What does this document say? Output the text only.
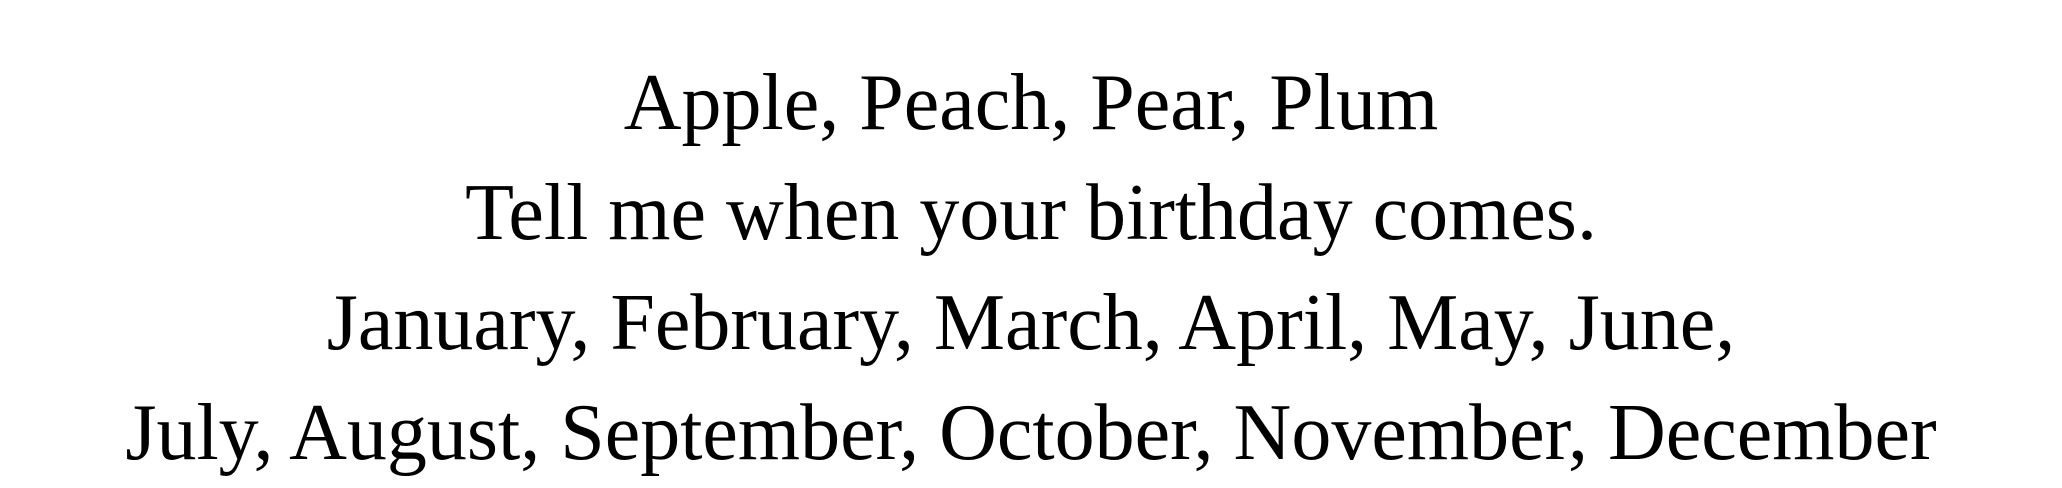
Apple, Peach, Pear, Plum
Tell me when your birthday comes.
January, February, March, April, May, June,
July, August, September, October, November, December
